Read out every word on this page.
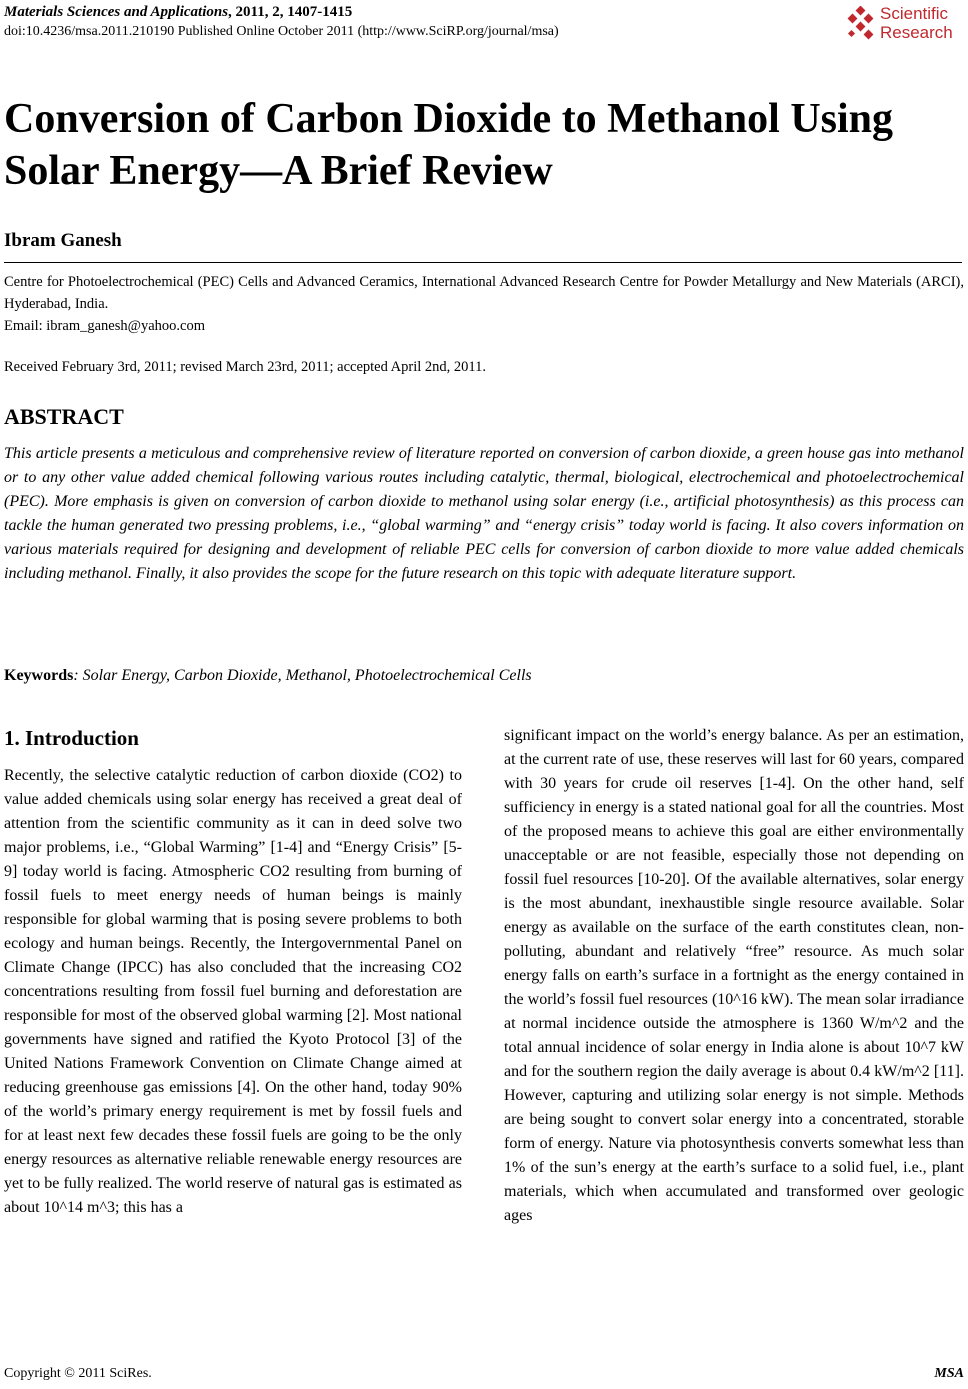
Materials Sciences and Applications, 2011, 2, 1407-1415
doi:10.4236/msa.2011.210190 Published Online October 2011 (http://www.SciRP.org/journal/msa)
Scientific
Research
Conversion of Carbon Dioxide to Methanol Using
Solar Energy—A Brief Review
Ibram Ganesh
Centre for Photoelectrochemical (PEC) Cells and Advanced Ceramics, International Advanced Research Centre for Powder Metallurgy and New Materials (ARCI), Hyderabad, India.
Email: ibram_ganesh@yahoo.com
Received February 3rd, 2011; revised March 23rd, 2011; accepted April 2nd, 2011.
ABSTRACT
This article presents a meticulous and comprehensive review of literature reported on conversion of carbon dioxide, a green house gas into methanol or to any other value added chemical following various routes including catalytic, thermal, biological, electrochemical and photoelectrochemical (PEC). More emphasis is given on conversion of carbon dioxide to methanol using solar energy (i.e., artificial photosynthesis) as this process can tackle the human generated two pressing problems, i.e., “global warming” and “energy crisis” today world is facing. It also covers information on various materials required for designing and development of reliable PEC cells for conversion of carbon dioxide to more value added chemicals including methanol. Finally, it also provides the scope for the future research on this topic with adequate literature support.
Keywords: Solar Energy, Carbon Dioxide, Methanol, Photoelectrochemical Cells
1. Introduction
Recently, the selective catalytic reduction of carbon dioxide (CO2) to value added chemicals using solar energy has received a great deal of attention from the scientific community as it can in deed solve two major problems, i.e., “Global Warming” [1-4] and “Energy Crisis” [5-9] today world is facing. Atmospheric CO2 resulting from burning of fossil fuels to meet energy needs of human beings is mainly responsible for global warming that is posing severe problems to both ecology and human beings. Recently, the Intergovernmental Panel on Climate Change (IPCC) has also concluded that the increasing CO2 concentrations resulting from fossil fuel burning and deforestation are responsible for most of the observed global warming [2]. Most national governments have signed and ratified the Kyoto Protocol [3] of the United Nations Framework Convention on Climate Change aimed at reducing greenhouse gas emissions [4]. On the other hand, today 90% of the world’s primary energy requirement is met by fossil fuels and for at least next few decades these fossil fuels are going to be the only energy resources as alternative reliable renewable energy resources are yet to be fully realized. The world reserve of natural gas is estimated as about 10^14 m^3; this has a
significant impact on the world’s energy balance. As per an estimation, at the current rate of use, these reserves will last for 60 years, compared with 30 years for crude oil reserves [1-4]. On the other hand, self sufficiency in energy is a stated national goal for all the countries. Most of the proposed means to achieve this goal are either environmentally unacceptable or are not feasible, especially those not depending on fossil fuel resources [10-20]. Of the available alternatives, solar energy is the most abundant, inexhaustible single resource available. Solar energy as available on the surface of the earth constitutes clean, non-polluting, abundant and relatively “free” resource. As much solar energy falls on earth’s surface in a fortnight as the energy contained in the world’s fossil fuel resources (10^16 kW). The mean solar irradiance at normal incidence outside the atmosphere is 1360 W/m^2 and the total annual incidence of solar energy in India alone is about 10^7 kW and for the southern region the daily average is about 0.4 kW/m^2 [11]. However, capturing and utilizing solar energy is not simple. Methods are being sought to convert solar energy into a concentrated, storable form of energy. Nature via photosynthesis converts somewhat less than 1% of the sun’s energy at the earth’s surface to a solid fuel, i.e., plant materials, which when accumulated and transformed over geologic ages
Copyright © 2011 SciRes.	MSA
